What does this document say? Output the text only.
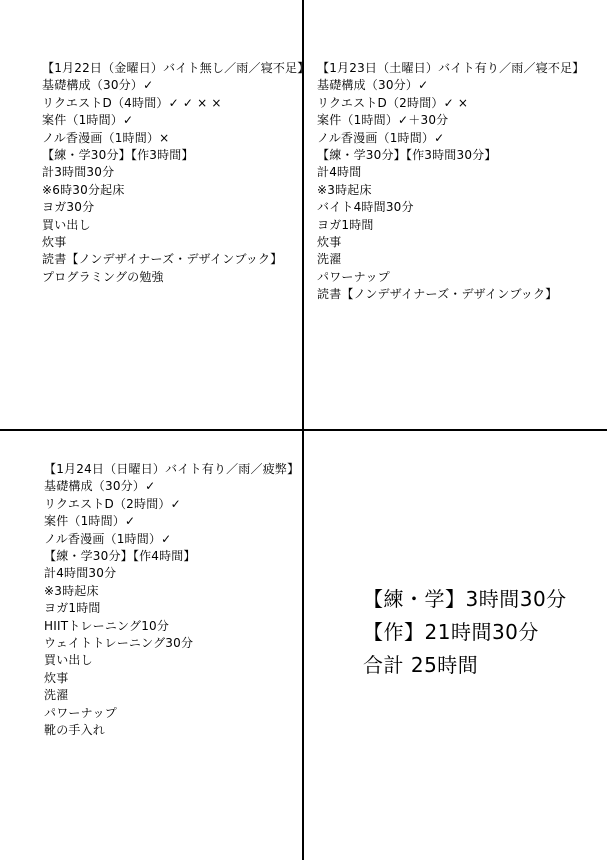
【1月22日（金曜日）バイト無し／雨／寝不足】
基礎構成（30分）✓
リクエストD（4時間）✓ ✓ × ×
案件（1時間）✓
ノル香漫画（1時間）×
【練・学30分】【作3時間】
計3時間30分
※6時30分起床
ヨガ30分
買い出し
炊事
読書【ノンデザイナーズ・デザインブック】
プログラミングの勉強
【1月23日（土曜日）バイト有り／雨／寝不足】
基礎構成（30分）✓
リクエストD（2時間）✓ ×
案件（1時間）✓＋30分
ノル香漫画（1時間）✓
【練・学30分】【作3時間30分】
計4時間
※3時起床
バイト4時間30分
ヨガ1時間
炊事
洗濯
パワーナップ
読書【ノンデザイナーズ・デザインブック】
【1月24日（日曜日）バイト有り／雨／疲弊】
基礎構成（30分）✓
リクエストD（2時間）✓
案件（1時間）✓
ノル香漫画（1時間）✓
【練・学30分】【作4時間】
計4時間30分
※3時起床
ヨガ1時間
HIITトレーニング10分
ウェイトトレーニング30分
買い出し
炊事
洗濯
パワーナップ
靴の手入れ
【練・学】3時間30分
【作】21時間30分
合計 25時間
